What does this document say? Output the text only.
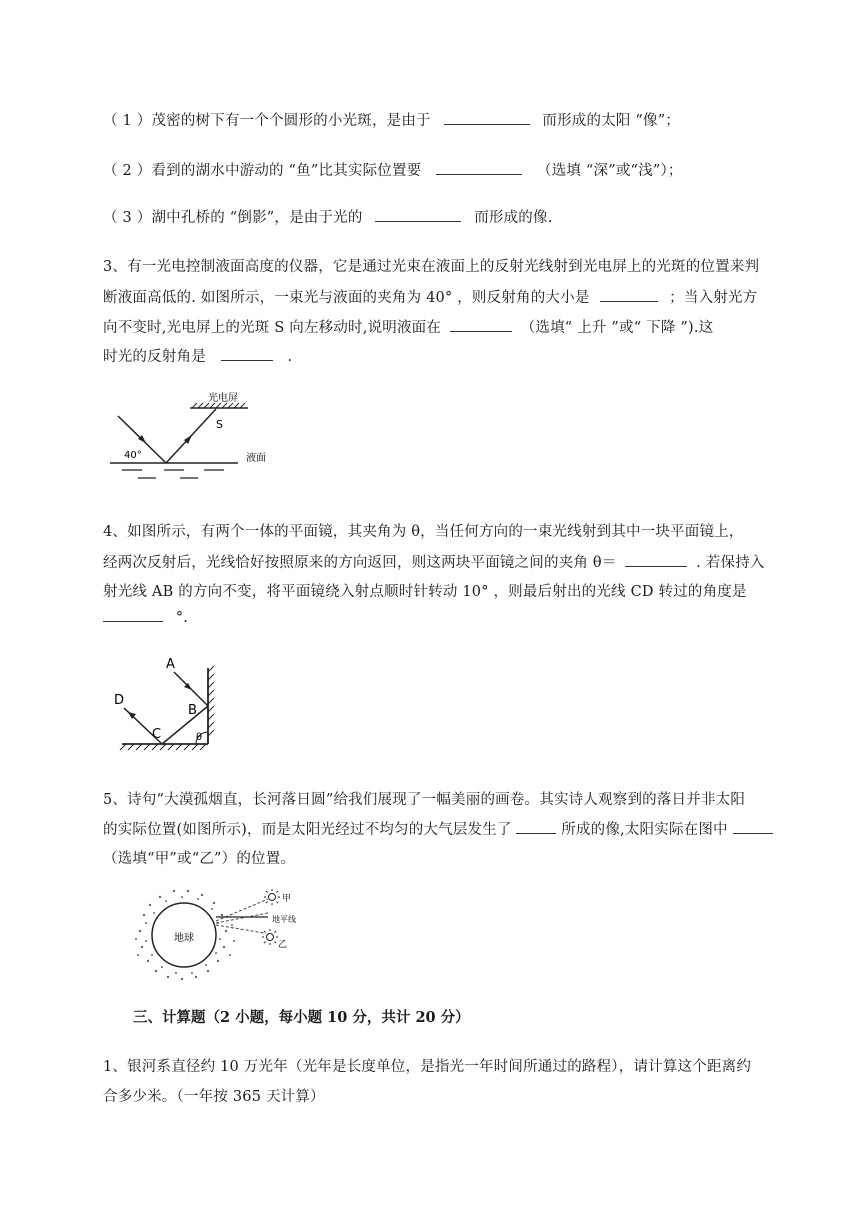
（ 1 ）茂密的树下有一个个圆形的小光斑，是由于	而形成的太阳 “像”；
（ 2 ）看到的湖水中游动的 “鱼”比其实际位置要	（选填 “深”或“浅”）；
（ 3 ）湖中孔桥的 “倒影”，是由于光的	而形成的像.
3、有一光电控制液面高度的仪器，它是通过光束在液面上的反射光线射到光电屏上的光斑的位置来判
断液面高低的. 如图所示，一束光与液面的夹角为 40° ，则反射角的大小是	；当入射光方
向不变时,光电屏上的光斑 S 向左移动时,说明液面在	（选填“ 上升 ”或“ 下降 ”).这
时光的反射角是	.
光电屏
S
40°	液面
4、如图所示，有两个一体的平面镜，其夹角为 θ，当任何方向的一束光线射到其中一块平面镜上，
经两次反射后，光线恰好按照原来的方向返回，则这两块平面镜之间的夹角 θ＝	. 若保持入
射光线 AB 的方向不变，将平面镜绕入射点顺时针转动 10° ，则最后射出的光线 CD 转过的角度是
°.
A
B
C
D
θ
5、诗句“大漠孤烟直，长河落日圆”给我们展现了一幅美丽的画卷。其实诗人观察到的落日并非太阳
的实际位置(如图所示)，而是太阳光经过不均匀的大气层发生了	所成的像,太阳实际在图中
（选填“甲”或“乙”）的位置。
地球
甲
地平线
乙
三、计算题（2 小题，每小题 10 分，共计 20 分）
1、银河系直径约 10 万光年（光年是长度单位，是指光一年时间所通过的路程），请计算这个距离约
合多少米。（一年按 365 天计算）
